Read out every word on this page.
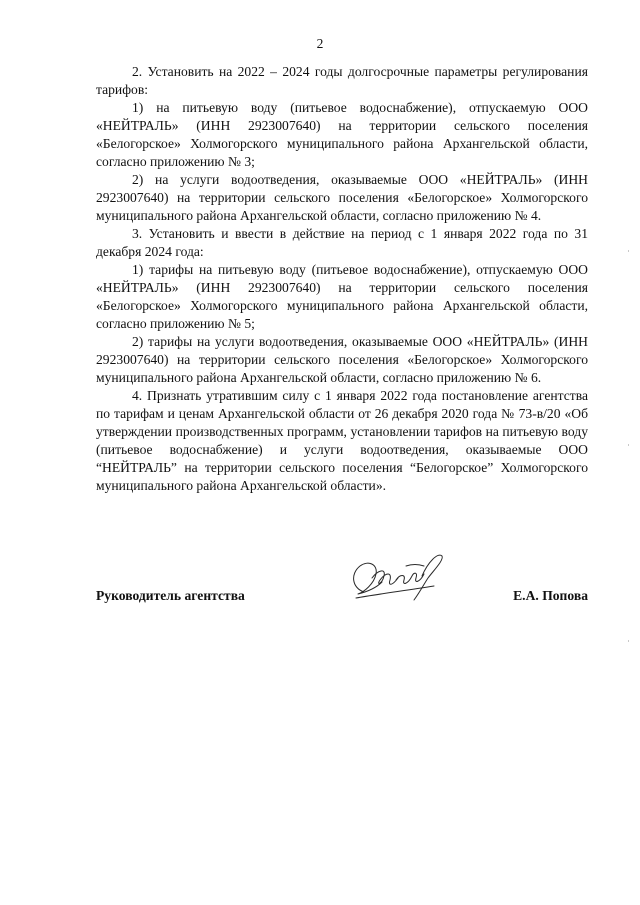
2

2. Установить на 2022 – 2024 годы долгосрочные параметры регулирования тарифов:

1) на питьевую воду (питьевое водоснабжение), отпускаемую ООО «НЕЙТРАЛЬ» (ИНН 2923007640) на территории сельского поселения «Белогорское» Холмогорского муниципального района Архангельской области, согласно приложению № 3;

2) на услуги водоотведения, оказываемые ООО «НЕЙТРАЛЬ» (ИНН 2923007640) на территории сельского поселения «Белогорское» Холмогорского муниципального района Архангельской области, согласно приложению № 4.

3. Установить и ввести в действие на период с 1 января 2022 года по 31 декабря 2024 года:

1) тарифы на питьевую воду (питьевое водоснабжение), отпускаемую ООО «НЕЙТРАЛЬ» (ИНН 2923007640) на территории сельского поселения «Белогорское» Холмогорского муниципального района Архангельской области, согласно приложению № 5;

2) тарифы на услуги водоотведения, оказываемые ООО «НЕЙТРАЛЬ» (ИНН 2923007640) на территории сельского поселения «Белогорское» Холмогорского муниципального района Архангельской области, согласно приложению № 6.

4. Признать утратившим силу с 1 января 2022 года постановление агентства по тарифам и ценам Архангельской области от 26 декабря 2020 года № 73-в/20 «Об утверждении производственных программ, установлении тарифов на питьевую воду (питьевое водоснабжение) и услуги водоотведения, оказываемые ООО “НЕЙТРАЛЬ” на территории сельского поселения “Белогорское” Холмогорского муниципального района Архангельской области».

Руководитель агентства	Е.А. Попова
